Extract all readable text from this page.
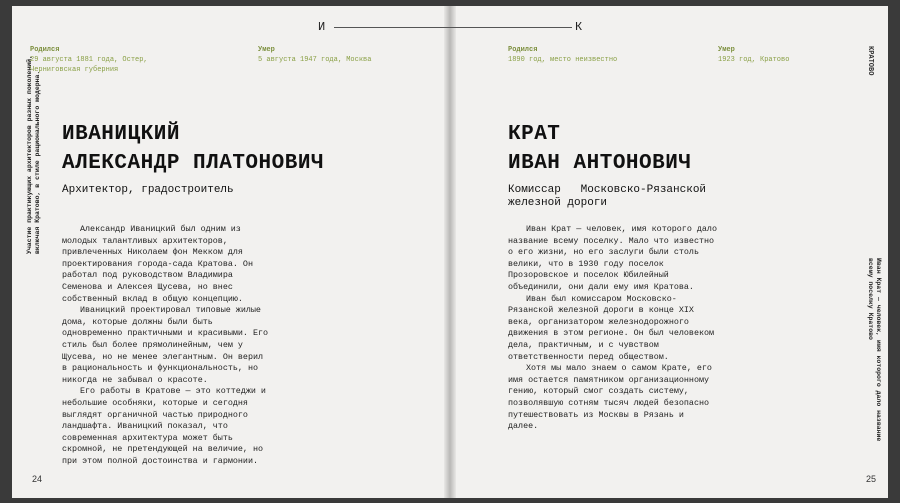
Участие практикующих архитекторов разных поколений, включая Кратово, в стиле рационального модерна.
Родился
29 августа 1881 года, Остер,
Черниговская губерния
Умер
5 августа 1947 года, Москва
ИВАНИЦКИЙ
АЛЕКСАНДР ПЛАТОНОВИЧ
Архитектор, градостроитель

Александр Иваницкий был одним из молодых талантливых архитекторов, привлеченных Николаем фон Мекком для проектирования города-сада Кратова. Он работал под руководством Владимира Семенова и Алексея Щусева, но внес собственный вклад в общую концепцию.

Иваницкий проектировал типовые жилые дома, которые должны были быть одновременно практичными и красивыми. Его стиль был более прямолинейным, чем у Щусева, но не менее элегантным. Он верил в рациональность и функциональность, но никогда не забывал о красоте.

Его работы в Кратове — это коттеджи и небольшие особняки, которые и сегодня выглядят органичной частью природного ландшафта. Иваницкий показал, что современная архитектура может быть скромной, не претендующей на величие, но при этом полной достоинства и гармонии.

24
И	К
Родился
1890 год, место неизвестно
Умер
1923 год, Кратово	КРАТОВО
КРАТ
ИВАН АНТОНОВИЧ
Комиссар   Московско-Рязанской
железной дороги

Иван Крат — человек, имя которого дало название всему поселку. Мало что известно о его жизни, но его заслуги были столь велики, что в 1930 году поселок Прозоровское и поселок Юбилейный объединили, они дали ему имя Кратова.

Иван был комиссаром Московско-Рязанской железной дороги в конце XIX века, организатором железнодорожного движения в этом регионе. Он был человеком дела, практичным, и с чувством ответственности перед обществом.

Хотя мы мало знаем о самом Крате, его имя остается памятником организационному гению, который смог создать систему, позволявшую сотням тысяч людей безопасно путешествовать из Москвы в Рязань и далее.	Иван Крат — человек, имя которого дало название всему поселку Кратово
25
